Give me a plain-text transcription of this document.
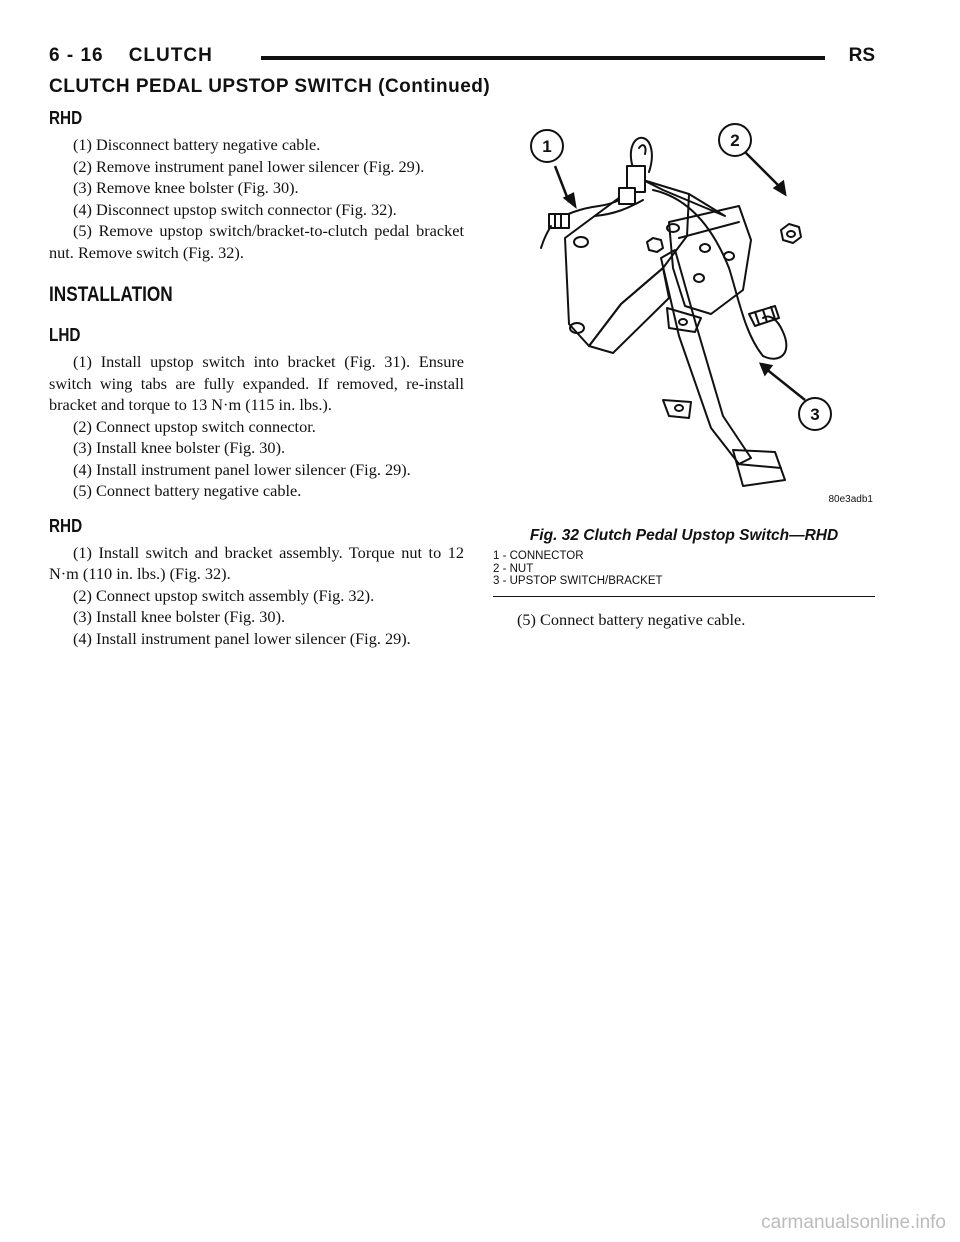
6 - 16    CLUTCH	RS
CLUTCH PEDAL UPSTOP SWITCH (Continued)
RHD

(1) Disconnect battery negative cable.

(2) Remove instrument panel lower silencer (Fig. 29).

(3) Remove knee bolster (Fig. 30).

(4) Disconnect upstop switch connector (Fig. 32).

(5) Remove upstop switch/bracket-to-clutch pedal bracket nut. Remove switch (Fig. 32).

INSTALLATION
LHD

(1) Install upstop switch into bracket (Fig. 31). Ensure switch wing tabs are fully expanded. If removed, re-install bracket and torque to 13 N·m (115 in. lbs.).

(2) Connect upstop switch connector.

(3) Install knee bolster (Fig. 30).

(4) Install instrument panel lower silencer (Fig. 29).

(5) Connect battery negative cable.

RHD

(1) Install switch and bracket assembly. Torque nut to 12 N·m (110 in. lbs.) (Fig. 32).

(2) Connect upstop switch assembly (Fig. 32).

(3) Install knee bolster (Fig. 30).

(4) Install instrument panel lower silencer (Fig. 29).

1	2
3
80e3adb1
Fig. 32 Clutch Pedal Upstop Switch—RHD
1 - CONNECTOR
2 - NUT
3 - UPSTOP SWITCH/BRACKET

(5) Connect battery negative cable.

carmanualsonline.info
